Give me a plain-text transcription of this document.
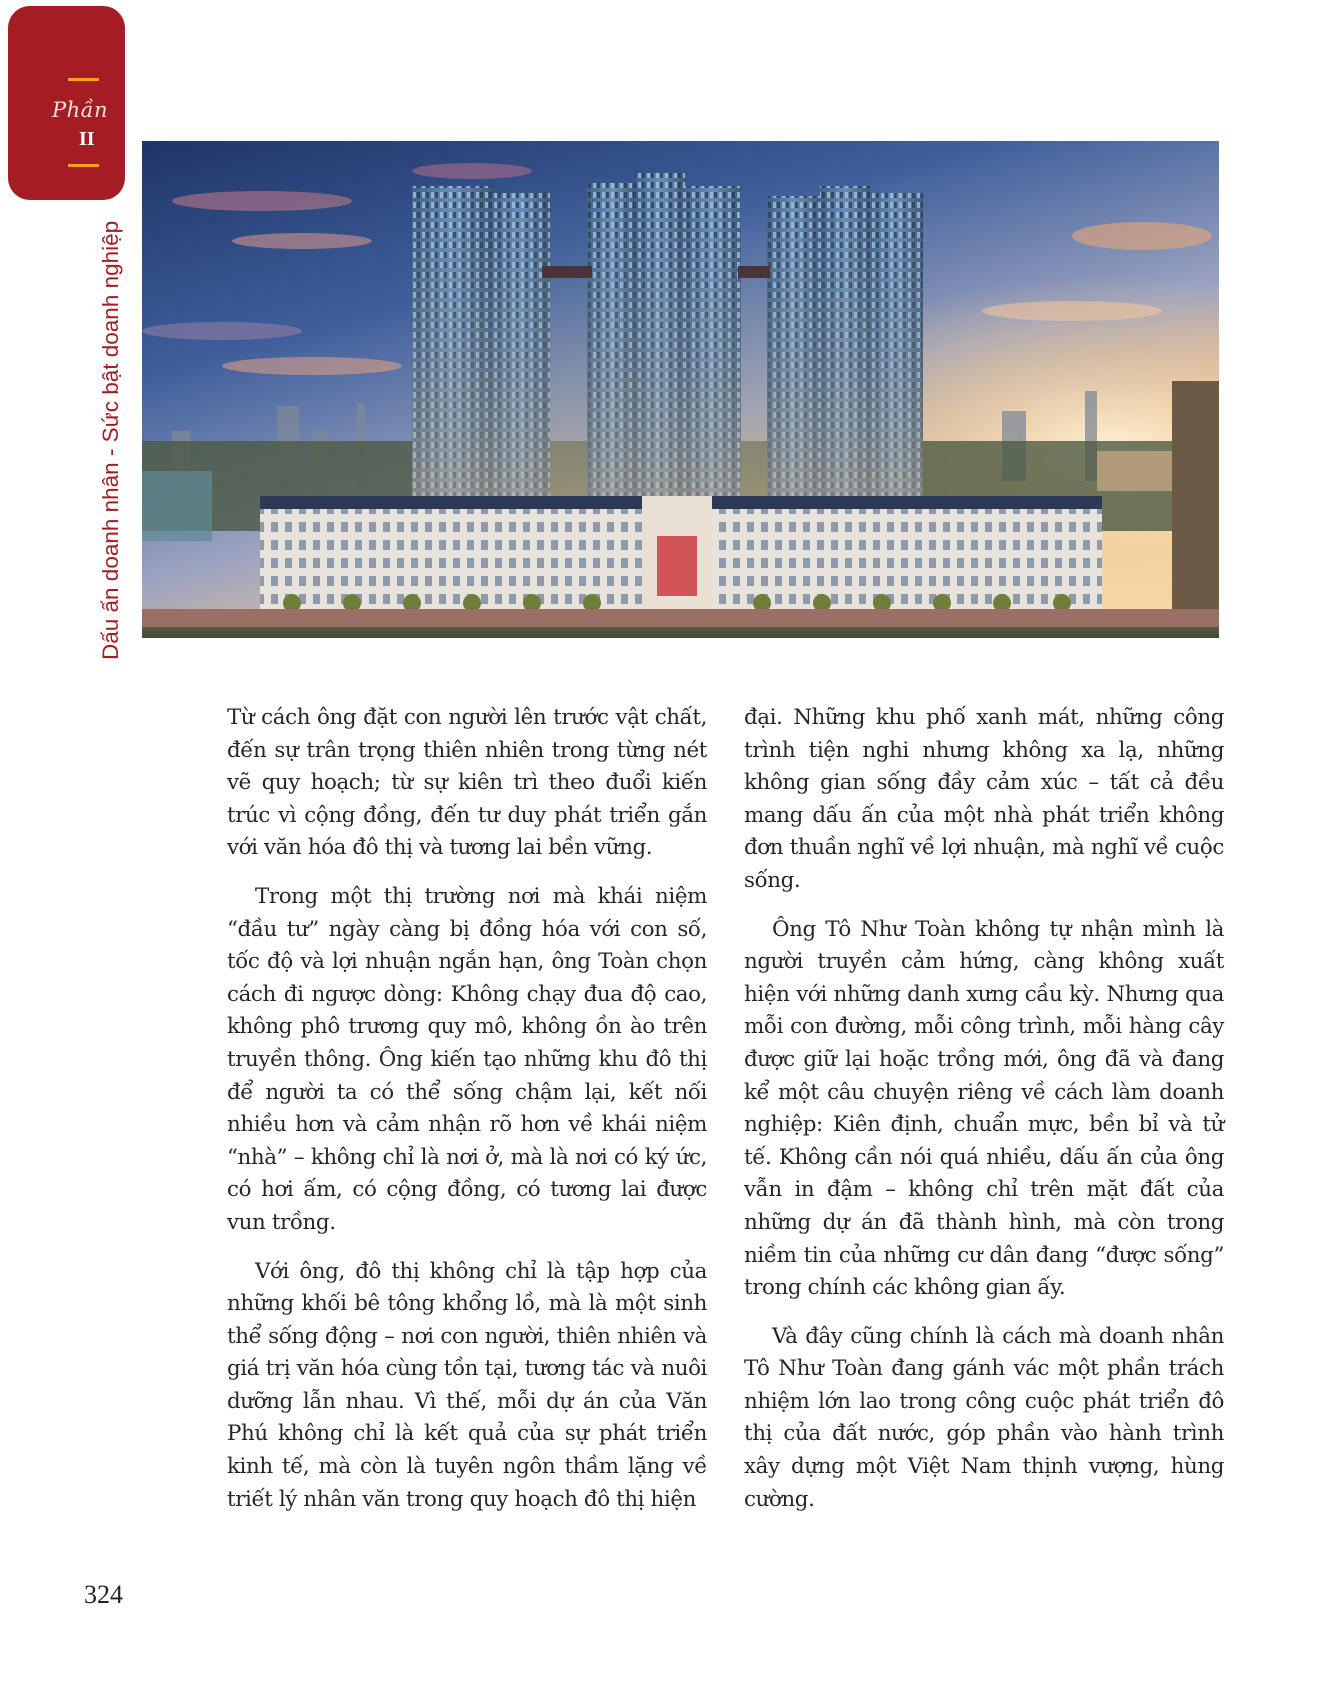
Phần
II
Dấu ấn doanh nhân - Sức bật doanh nghiệp

Từ cách ông đặt con người lên trước vật chất, đến sự trân trọng thiên nhiên trong từng nét vẽ quy hoạch; từ sự kiên trì theo đuổi kiến trúc vì cộng đồng, đến tư duy phát triển gắn với văn hóa đô thị và tương lai bền vững.

Trong một thị trường nơi mà khái niệm “đầu tư” ngày càng bị đồng hóa với con số, tốc độ và lợi nhuận ngắn hạn, ông Toàn chọn cách đi ngược dòng: Không chạy đua độ cao, không phô trương quy mô, không ồn ào trên truyền thông. Ông kiến tạo những khu đô thị để người ta có thể sống chậm lại, kết nối nhiều hơn và cảm nhận rõ hơn về khái niệm “nhà” – không chỉ là nơi ở, mà là nơi có ký ức, có hơi ấm, có cộng đồng, có tương lai được vun trồng.

Với ông, đô thị không chỉ là tập hợp của những khối bê tông khổng lồ, mà là một sinh thể sống động – nơi con người, thiên nhiên và giá trị văn hóa cùng tồn tại, tương tác và nuôi dưỡng lẫn nhau. Vì thế, mỗi dự án của Văn Phú không chỉ là kết quả của sự phát triển kinh tế, mà còn là tuyên ngôn thầm lặng về triết lý nhân văn trong quy hoạch đô thị hiện

đại. Những khu phố xanh mát, những công trình tiện nghi nhưng không xa lạ, những không gian sống đầy cảm xúc – tất cả đều mang dấu ấn của một nhà phát triển không đơn thuần nghĩ về lợi nhuận, mà nghĩ về cuộc sống.

Ông Tô Như Toàn không tự nhận mình là người truyền cảm hứng, càng không xuất hiện với những danh xưng cầu kỳ. Nhưng qua mỗi con đường, mỗi công trình, mỗi hàng cây được giữ lại hoặc trồng mới, ông đã và đang kể một câu chuyện riêng về cách làm doanh nghiệp: Kiên định, chuẩn mực, bền bỉ và tử tế. Không cần nói quá nhiều, dấu ấn của ông vẫn in đậm – không chỉ trên mặt đất của những dự án đã thành hình, mà còn trong niềm tin của những cư dân đang “được sống” trong chính các không gian ấy.

Và đây cũng chính là cách mà doanh nhân Tô Như Toàn đang gánh vác một phần trách nhiệm lớn lao trong công cuộc phát triển đô thị của đất nước, góp phần vào hành trình xây dựng một Việt Nam thịnh vượng, hùng cường.

324
